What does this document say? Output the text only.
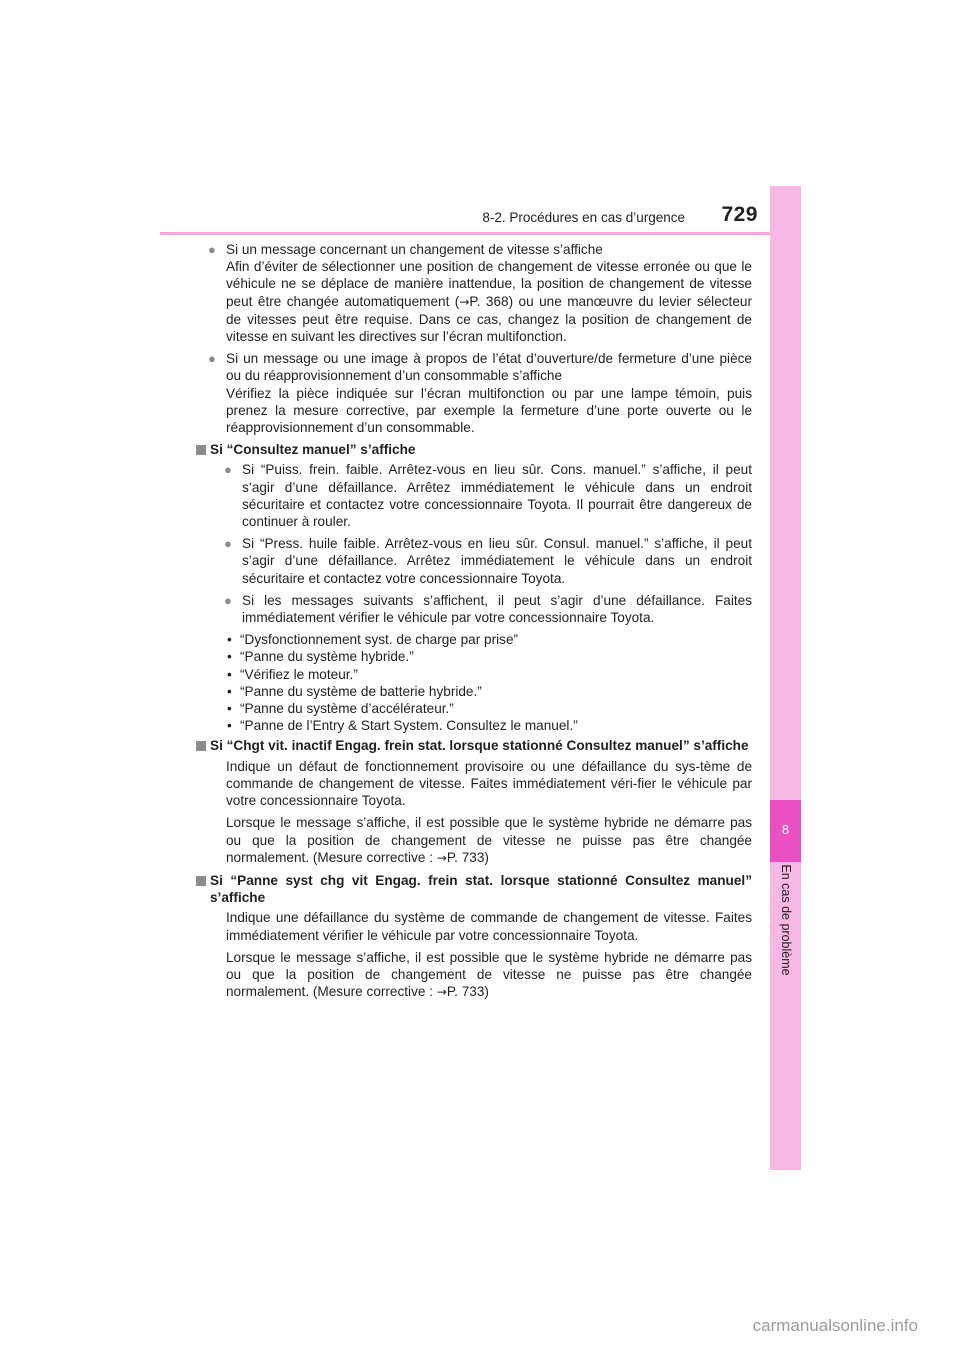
8-2. Procédures en cas d’urgence 729
8
En cas de problème
● Si un message concernant un changement de vitesse s’affiche

Afin d’éviter de sélectionner une position de changement de vitesse erronée ou que le véhicule ne se déplace de manière inattendue, la position de changement de vitesse peut être changée automatiquement (→P. 368) ou une manœuvre du levier sélecteur de vitesses peut être requise. Dans ce cas, changez la position de changement de vitesse en suivant les directives sur l’écran multifonction.

● Si un message ou une image à propos de l’état d’ouverture/de fermeture d’une pièce ou du réapprovisionnement d’un consommable s’affiche

Vérifiez la pièce indiquée sur l’écran multifonction ou par une lampe témoin, puis prenez la mesure corrective, par exemple la fermeture d’une porte ouverte ou le réapprovisionnement d’un consommable.

Si “Consultez manuel” s’affiche
● Si “Puiss. frein. faible. Arrêtez-vous en lieu sûr. Cons. manuel.” s’affiche, il peut s’agir d’une défaillance. Arrêtez immédiatement le véhicule dans un endroit sécuritaire et contactez votre concessionnaire Toyota. Il pourrait être dangereux de continuer à rouler.

● Si “Press. huile faible. Arrêtez-vous en lieu sûr. Consul. manuel.” s’affiche, il peut s’agir d’une défaillance. Arrêtez immédiatement le véhicule dans un endroit sécuritaire et contactez votre concessionnaire Toyota.

● Si les messages suivants s’affichent, il peut s’agir d’une défaillance. Faites immédiatement vérifier le véhicule par votre concessionnaire Toyota.

• “Dysfonctionnement syst. de charge par prise”
• “Panne du système hybride.”
• “Vérifiez le moteur.”
• “Panne du système de batterie hybride.”
• “Panne du système d’accélérateur.”
• “Panne de l’Entry & Start System. Consultez le manuel.”
Si “Chgt vit. inactif Engag. frein stat. lorsque stationné Consultez manuel” s’affiche

Indique un défaut de fonctionnement provisoire ou une défaillance du sys-tème de commande de changement de vitesse. Faites immédiatement véri-fier le véhicule par votre concessionnaire Toyota.

Lorsque le message s’affiche, il est possible que le système hybride ne démarre pas ou que la position de changement de vitesse ne puisse pas être changée normalement. (Mesure corrective : →P. 733)

Si “Panne syst chg vit Engag. frein stat. lorsque stationné Consultez manuel” s’affiche

Indique une défaillance du système de commande de changement de vitesse. Faites immédiatement vérifier le véhicule par votre concessionnaire Toyota.

Lorsque le message s’affiche, il est possible que le système hybride ne démarre pas ou que la position de changement de vitesse ne puisse pas être changée normalement. (Mesure corrective : →P. 733)

carmanualsonline.info
